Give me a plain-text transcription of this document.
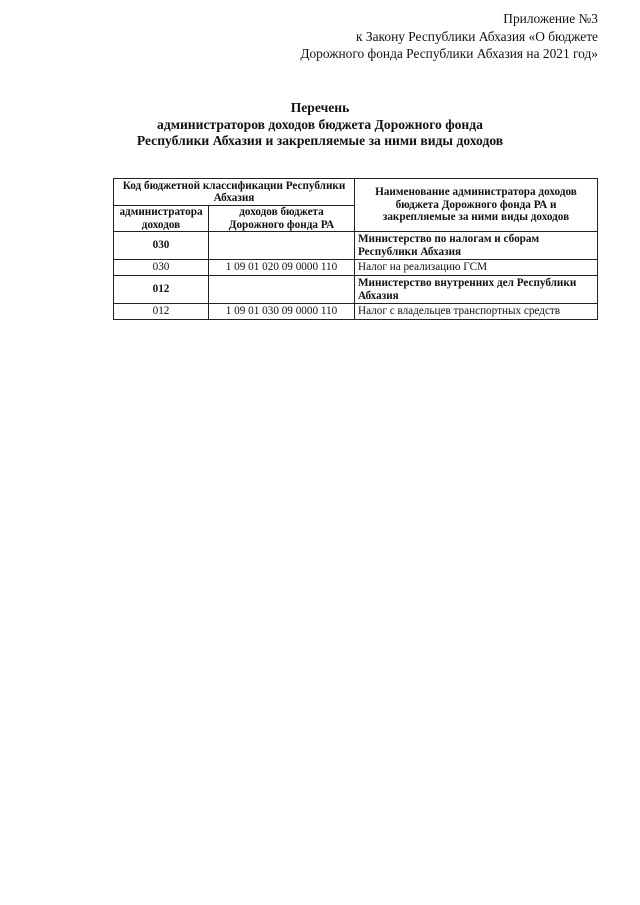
Приложение №3
к Закону Республики Абхазия «О бюджете
Дорожного фонда Республики Абхазия на 2021 год»
Перечень
администраторов доходов бюджета Дорожного фонда
Республики Абхазия и закрепляемые за ними виды доходов
Код бюджетной классификации Республики Абхазия		Наименование администратора доходов бюджета Дорожного фонда РА и закрепляемые за ними виды доходов
администратора доходов	доходов бюджета Дорожного фонда РА	
030		Министерство по налогам и сборам Республики Абхазия
030	1 09 01 020 09 0000 110	Налог на реализацию ГСМ
012		Министерство внутренних дел Республики Абхазия
012	1 09 01 030 09 0000 110	Налог с владельцев транспортных средств
